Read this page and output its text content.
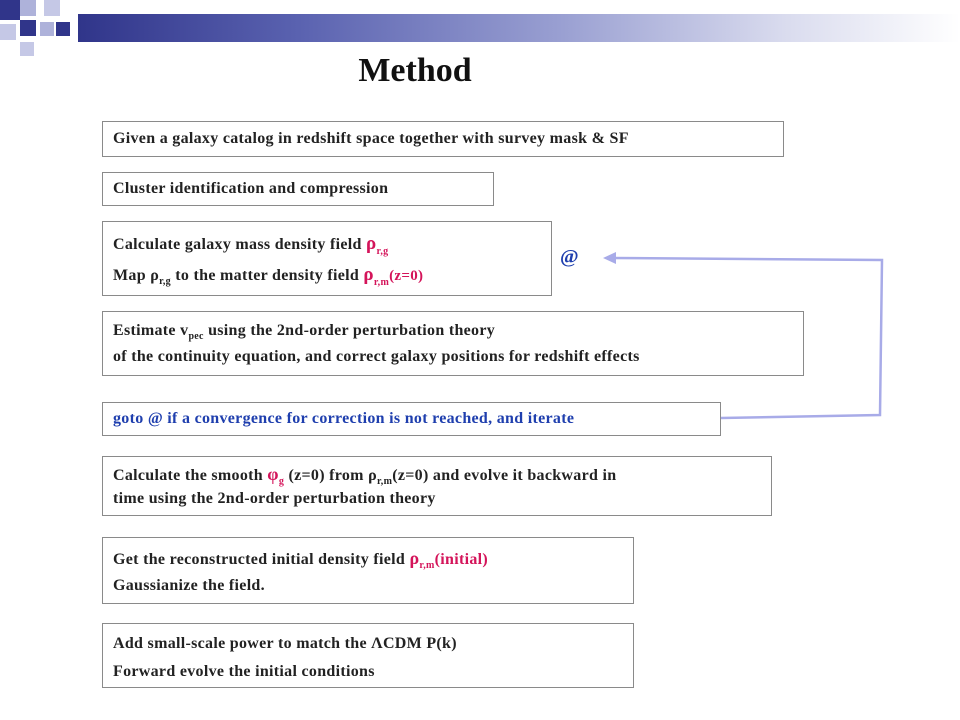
Method
Given a galaxy catalog in redshift space together with survey mask & SF
Cluster identification and compression
Calculate galaxy mass density field $\rho_{r,g}$
Map $\rho_{r,g}$ to the matter density field $\rho_{r,m}(z=0)$
@
Estimate $v_{pec}$ using the 2nd-order perturbation theory
of the continuity equation, and correct galaxy positions for redshift effects
goto @ if a convergence for correction is not reached, and iterate
Calculate the smooth $\varphi_g$ (z=0) from $\rho_{r,m}(z=0)$ and evolve it backward in
time using the 2nd-order perturbation theory
Get the reconstructed initial density field $\rho_{r,m}(initial)$
Gaussianize the field.
Add small-scale power to match the ΛCDM P(k)
Forward evolve the initial conditions
